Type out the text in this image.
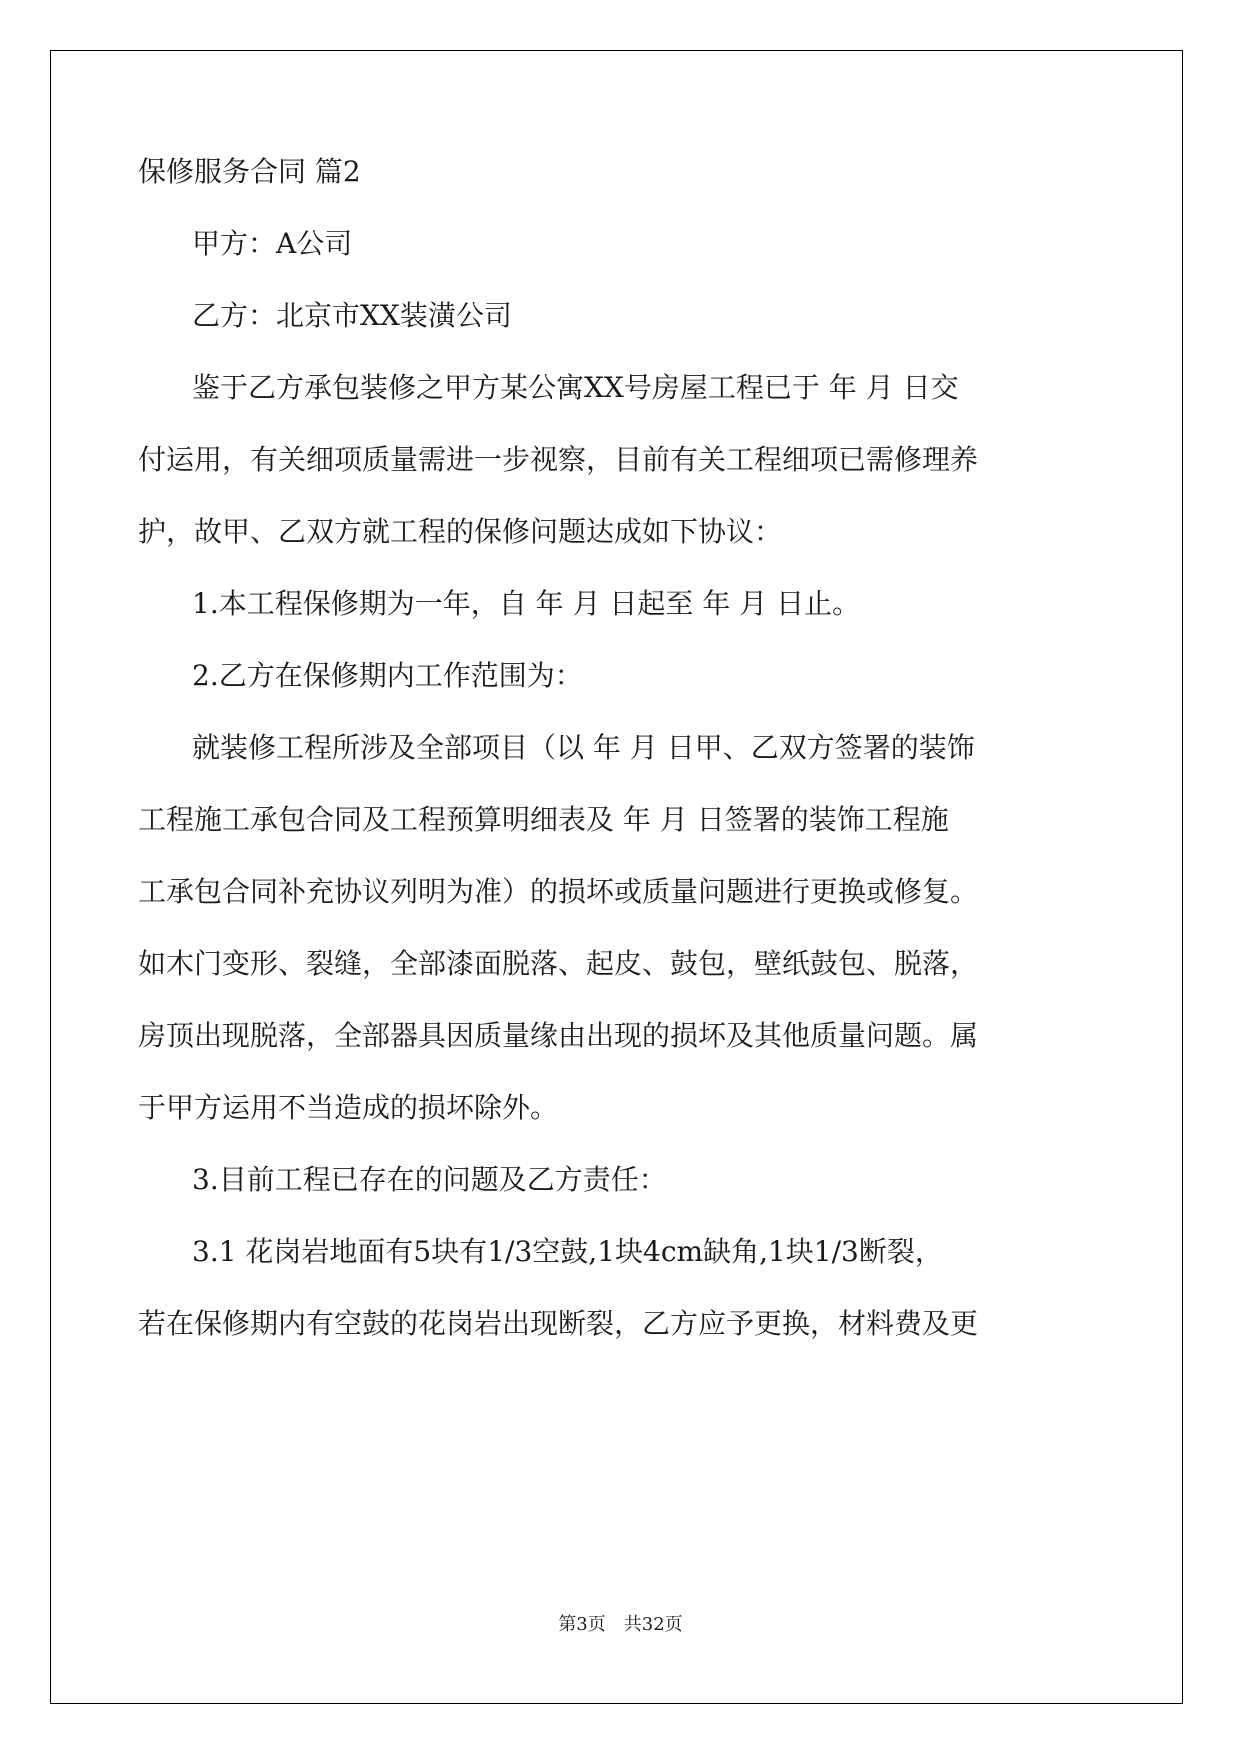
保修服务合同 篇2
甲方：A公司
乙方：北京市XX装潢公司
鉴于乙方承包装修之甲方某公寓XX号房屋工程已于 年 月 日交
付运用，有关细项质量需进一步视察，目前有关工程细项已需修理养
护，故甲、乙双方就工程的保修问题达成如下协议：
1.本工程保修期为一年，自 年 月 日起至 年 月 日止。
2.乙方在保修期内工作范围为：
就装修工程所涉及全部项目（以 年 月 日甲、乙双方签署的装饰
工程施工承包合同及工程预算明细表及 年 月 日签署的装饰工程施
工承包合同补充协议列明为准）的损坏或质量问题进行更换或修复。
如木门变形、裂缝，全部漆面脱落、起皮、鼓包，壁纸鼓包、脱落，
房顶出现脱落，全部器具因质量缘由出现的损坏及其他质量问题。属
于甲方运用不当造成的损坏除外。
3.目前工程已存在的问题及乙方责任：
3.1 花岗岩地面有5块有1/3空鼓,1块4cm缺角,1块1/3断裂，
若在保修期内有空鼓的花岗岩出现断裂，乙方应予更换，材料费及更
第3页　共32页
